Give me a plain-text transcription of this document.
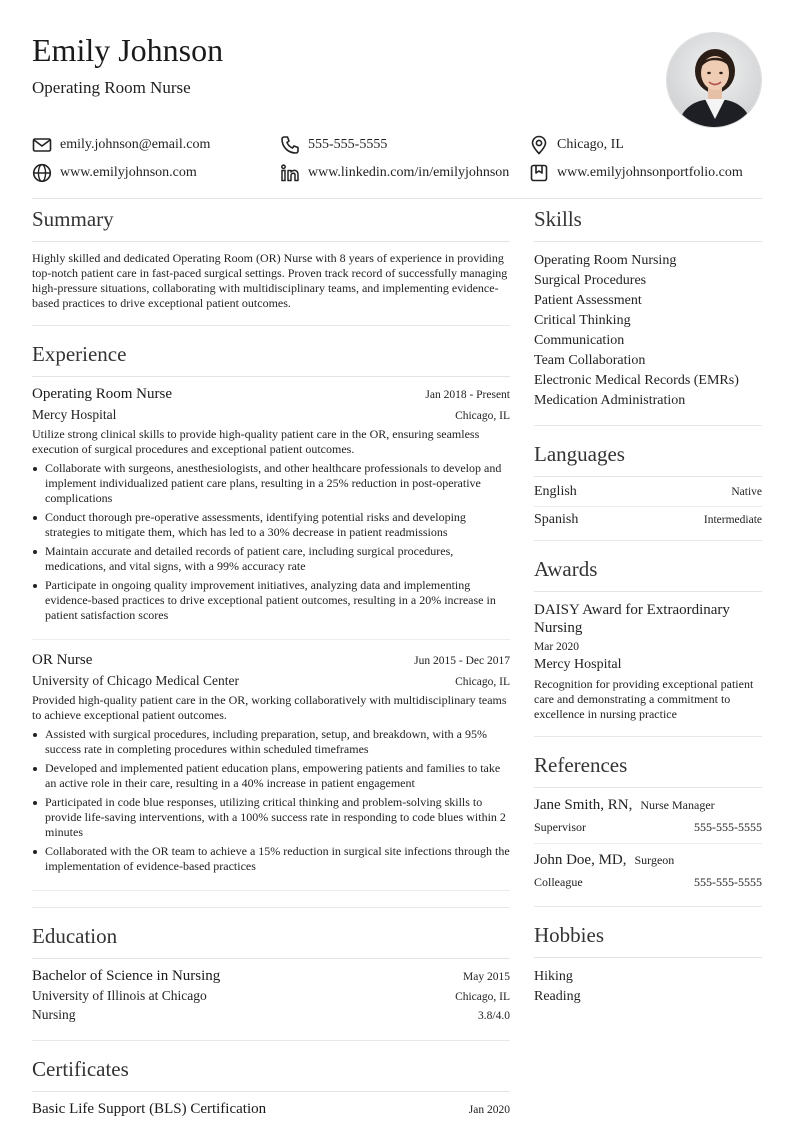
Emily Johnson
Operating Room Nurse
emily.johnson@email.com	555-555-5555	Chicago, IL
www.emilyjohnson.com	www.linkedin.com/in/emilyjohnson	www.emilyjohnsonportfolio.com
Summary

Highly skilled and dedicated Operating Room (OR) Nurse with 8 years of experience in providing top-notch patient care in fast-paced surgical settings. Proven track record of successfully managing high-pressure situations, collaborating with multidisciplinary teams, and implementing evidence-based practices to drive exceptional patient outcomes.

Experience
Operating Room Nurse	Jan 2018 - Present
Mercy Hospital	Chicago, IL

Utilize strong clinical skills to provide high-quality patient care in the OR, ensuring seamless execution of surgical procedures and exceptional patient outcomes.

Collaborate with surgeons, anesthesiologists, and other healthcare professionals to develop and implement individualized patient care plans, resulting in a 25% reduction in post-operative complications
Conduct thorough pre-operative assessments, identifying potential risks and developing strategies to mitigate them, which has led to a 30% decrease in patient readmissions
Maintain accurate and detailed records of patient care, including surgical procedures, medications, and vital signs, with a 99% accuracy rate
Participate in ongoing quality improvement initiatives, analyzing data and implementing evidence-based practices to drive exceptional patient outcomes, resulting in a 20% increase in patient satisfaction scores
OR Nurse	Jun 2015 - Dec 2017
University of Chicago Medical Center	Chicago, IL

Provided high-quality patient care in the OR, working collaboratively with multidisciplinary teams to achieve exceptional patient outcomes.

Assisted with surgical procedures, including preparation, setup, and breakdown, with a 95% success rate in completing procedures within scheduled timeframes
Developed and implemented patient education plans, empowering patients and families to take an active role in their care, resulting in a 40% increase in patient engagement
Participated in code blue responses, utilizing critical thinking and problem-solving skills to provide life-saving interventions, with a 100% success rate in responding to code blues within 2 minutes
Collaborated with the OR team to achieve a 15% reduction in surgical site infections through the implementation of evidence-based practices
Education
Bachelor of Science in Nursing	May 2015
University of Illinois at Chicago	Chicago, IL
Nursing	3.8/4.0
Certificates
Basic Life Support (BLS) Certification	Jan 2020
Skills
Operating Room Nursing
Surgical Procedures
Patient Assessment
Critical Thinking
Communication
Team Collaboration
Electronic Medical Records (EMRs)
Medication Administration
Languages
English	Native
Spanish	Intermediate
Awards
DAISY Award for Extraordinary Nursing
Mar 2020
Mercy Hospital
Recognition for providing exceptional patient care and demonstrating a commitment to excellence in nursing practice
References
Jane Smith, RN, Nurse Manager
Supervisor	555-555-5555
John Doe, MD, Surgeon
Colleague	555-555-5555
Hobbies
Hiking
Reading
